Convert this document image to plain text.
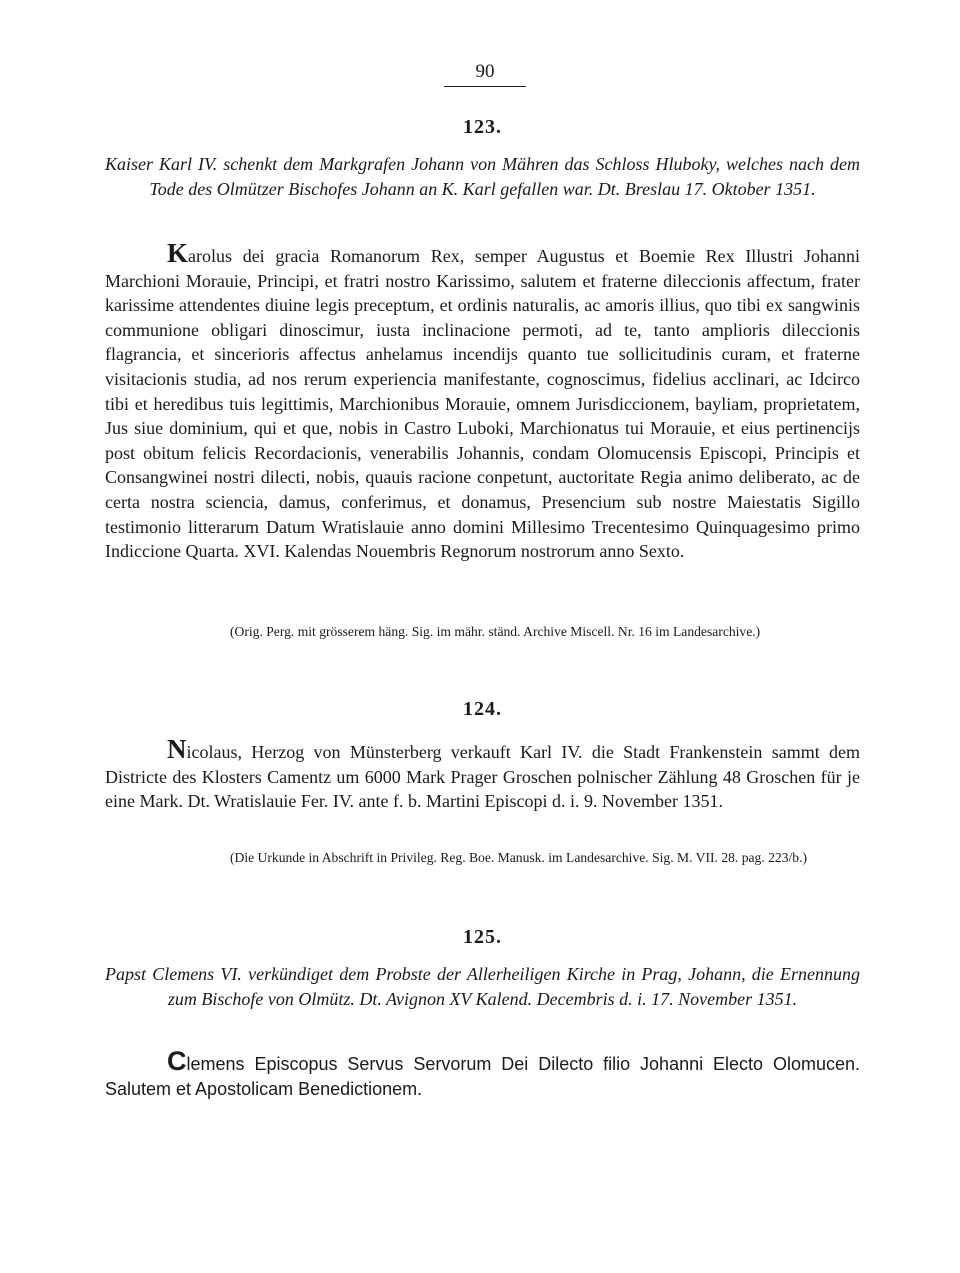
90
123.
Kaiser Karl IV. schenkt dem Markgrafen Johann von Mähren das Schloss Hluboky, welches nach dem Tode des Olmützer Bischofes Johann an K. Karl gefallen war. Dt. Breslau 17. Oktober 1351.
Karolus dei gracia Romanorum Rex, semper Augustus et Boemie Rex Illustri Johanni Marchioni Morauie, Principi, et fratri nostro Karissimo, salutem et fraterne dileccionis affectum, frater karissime attendentes diuine legis preceptum, et ordinis naturalis, ac amoris illius, quo tibi ex sangwinis communione obligari dinoscimur, iusta inclinacione permoti, ad te, tanto amplioris dileccionis flagrancia, et sincerioris affectus anhelamus incendijs quanto tue sollicitudinis curam, et fraterne visitacionis studia, ad nos rerum experiencia manifestante, cognoscimus, fidelius acclinari, ac Idcirco tibi et heredibus tuis legittimis, Marchionibus Morauie, omnem Jurisdiccionem, bayliam, proprietatem, Jus siue dominium, qui et que, nobis in Castro Luboki, Marchionatus tui Morauie, et eius pertinencijs post obitum felicis Recordacionis, venerabilis Johannis, condam Olomucensis Episcopi, Principis et Consangwinei nostri dilecti, nobis, quauis racione conpetunt, auctoritate Regia animo deliberato, ac de certa nostra sciencia, damus, conferimus, et donamus, Presencium sub nostre Maiestatis Sigillo testimonio litterarum Datum Wratislauie anno domini Millesimo Trecentesimo Quinquagesimo primo Indiccione Quarta. XVI. Kalendas Nouembris Regnorum nostrorum anno Sexto.
(Orig. Perg. mit grösserem häng. Sig. im mähr. ständ. Archive Miscell. Nr. 16 im Landesarchive.)
124.
Nicolaus, Herzog von Münsterberg verkauft Karl IV. die Stadt Frankenstein sammt dem Districte des Klosters Camentz um 6000 Mark Prager Groschen polnischer Zählung 48 Groschen für je eine Mark. Dt. Wratislauie Fer. IV. ante f. b. Martini Episcopi d. i. 9. November 1351.
(Die Urkunde in Abschrift in Privileg. Reg. Boe. Manusk. im Landesarchive. Sig. M. VII. 28. pag. 223/b.)
125.
Papst Clemens VI. verkündiget dem Probste der Allerheiligen Kirche in Prag, Johann, die Ernennung zum Bischofe von Olmütz. Dt. Avignon XV Kalend. Decembris d. i. 17. November 1351.
Clemens Episcopus Servus Servorum Dei Dilecto filio Johanni Electo Olomucen. Salutem et Apostolicam Benedictionem.
